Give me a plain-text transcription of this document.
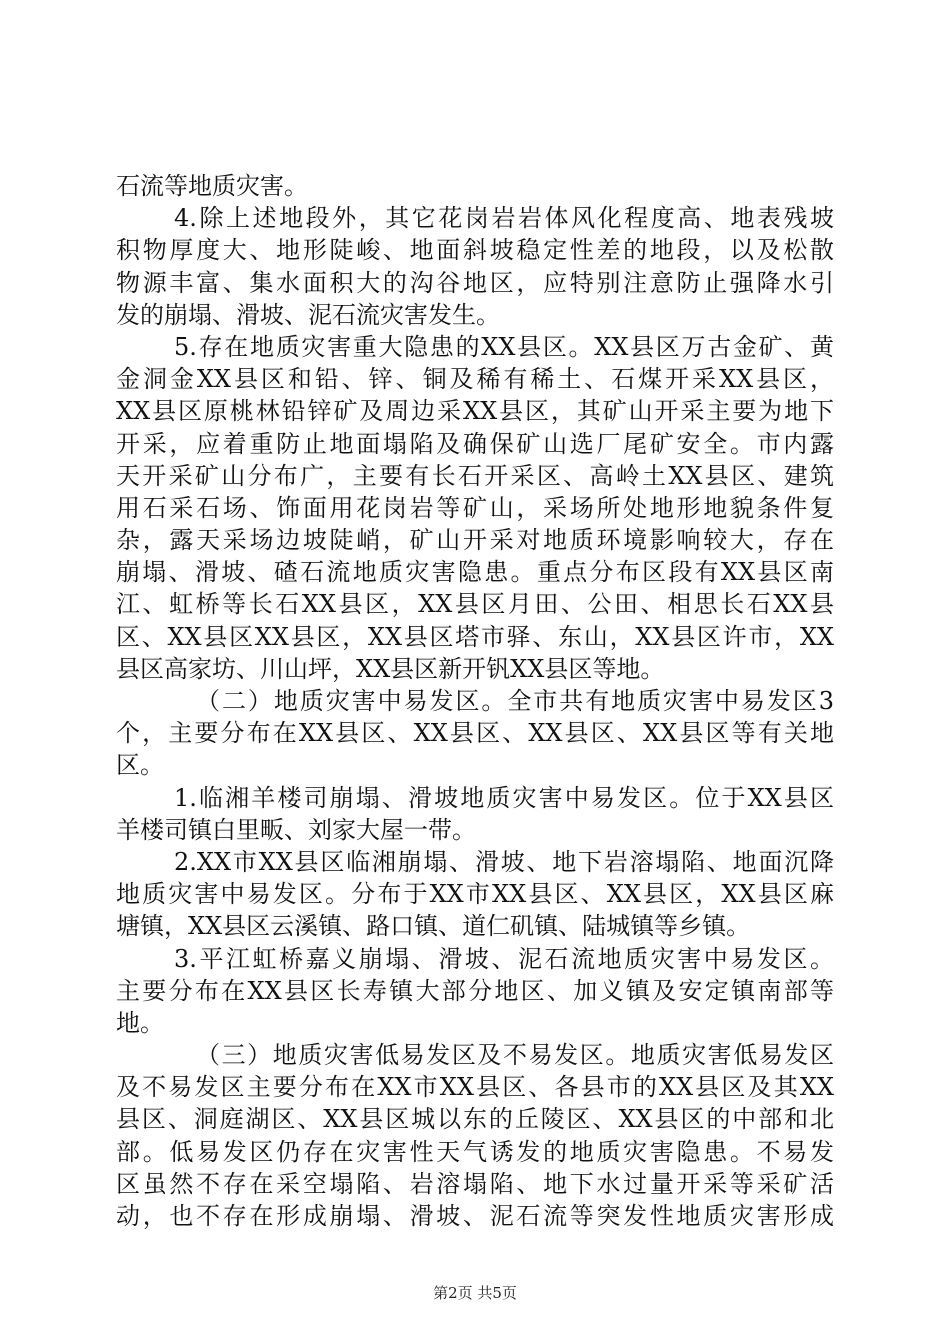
石流等地质灾害。
4.除上述地段外，其它花岗岩岩体风化程度高、地表残坡
积物厚度大、地形陡峻、地面斜坡稳定性差的地段，以及松散
物源丰富、集水面积大的沟谷地区，应特别注意防止强降水引
发的崩塌、滑坡、泥石流灾害发生。
5.存在地质灾害重大隐患的XX县区。XX县区万古金矿、黄
金洞金XX县区和铅、锌、铜及稀有稀土、石煤开采XX县区，
XX县区原桃林铅锌矿及周边采XX县区，其矿山开采主要为地下
开采，应着重防止地面塌陷及确保矿山选厂尾矿安全。市内露
天开采矿山分布广，主要有长石开采区、高岭土XX县区、建筑
用石采石场、饰面用花岗岩等矿山，采场所处地形地貌条件复
杂，露天采场边坡陡峭，矿山开采对地质环境影响较大，存在
崩塌、滑坡、碴石流地质灾害隐患。重点分布区段有XX县区南
江、虹桥等长石XX县区，XX县区月田、公田、相思长石XX县
区、XX县区XX县区，XX县区塔市驿、东山，XX县区许市，XX
县区高家坊、川山坪，XX县区新开钒XX县区等地。
（二）地质灾害中易发区。全市共有地质灾害中易发区3
个，主要分布在XX县区、XX县区、XX县区、XX县区等有关地
区。
1.临湘羊楼司崩塌、滑坡地质灾害中易发区。位于XX县区
羊楼司镇白里畈、刘家大屋一带。
2.XX市XX县区临湘崩塌、滑坡、地下岩溶塌陷、地面沉降
地质灾害中易发区。分布于XX市XX县区、XX县区，XX县区麻
塘镇，XX县区云溪镇、路口镇、道仁矶镇、陆城镇等乡镇。
3.平江虹桥嘉义崩塌、滑坡、泥石流地质灾害中易发区。
主要分布在XX县区长寿镇大部分地区、加义镇及安定镇南部等
地。
（三）地质灾害低易发区及不易发区。地质灾害低易发区
及不易发区主要分布在XX市XX县区、各县市的XX县区及其XX
县区、洞庭湖区、XX县区城以东的丘陵区、XX县区的中部和北
部。低易发区仍存在灾害性天气诱发的地质灾害隐患。不易发
区虽然不存在采空塌陷、岩溶塌陷、地下水过量开采等采矿活
动，也不存在形成崩塌、滑坡、泥石流等突发性地质灾害形成
第2页 共5页
